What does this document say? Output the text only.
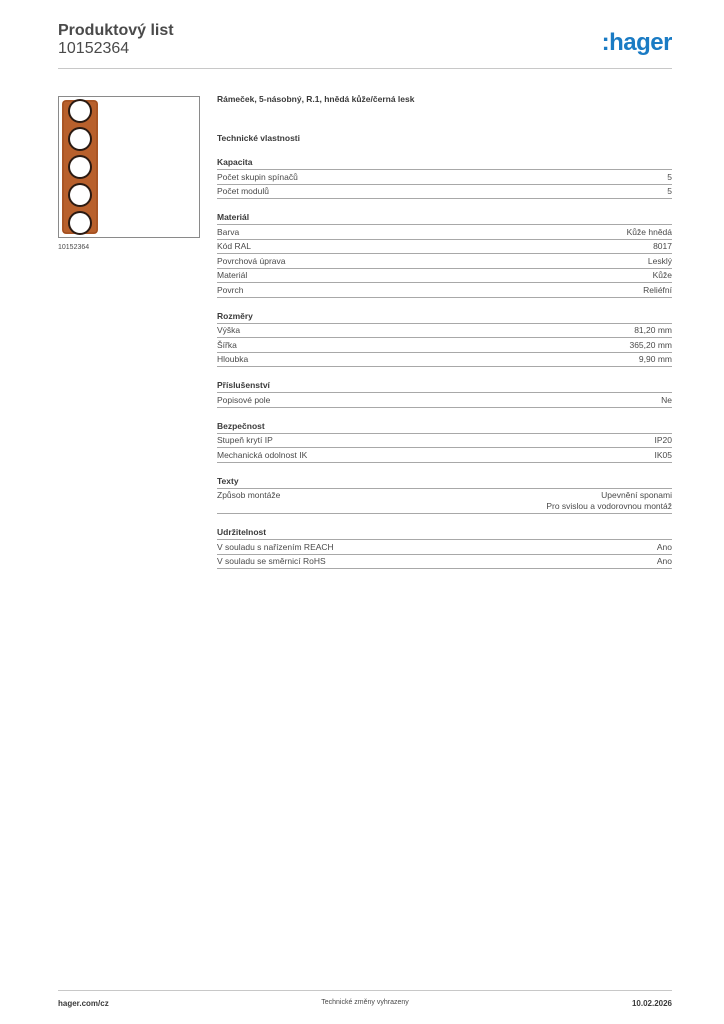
Produktový list
10152364	:hager
10152364
Rámeček, 5-násobný, R.1, hnědá kůže/černá lesk
Technické vlastnosti
Kapacita
Počet skupin spínačů	5
Počet modulů	5
Materiál
Barva	Kůže hnědá
Kód RAL	8017
Povrchová úprava	Lesklý
Materiál	Kůže
Povrch	Reliéfní
Rozměry
Výška	81,20 mm
Šířka	365,20 mm
Hloubka	9,90 mm
Příslušenství
Popisové pole	Ne
Bezpečnost
Stupeň krytí IP	IP20
Mechanická odolnost IK	IK05
Texty
Způsob montáže	Upevnění sponami
Pro svislou a vodorovnou montáž
Udržitelnost
V souladu s nařízením REACH	Ano
V souladu se směrnicí RoHS	Ano
hager.com/cz	Technické změny vyhrazeny	10.02.2026
